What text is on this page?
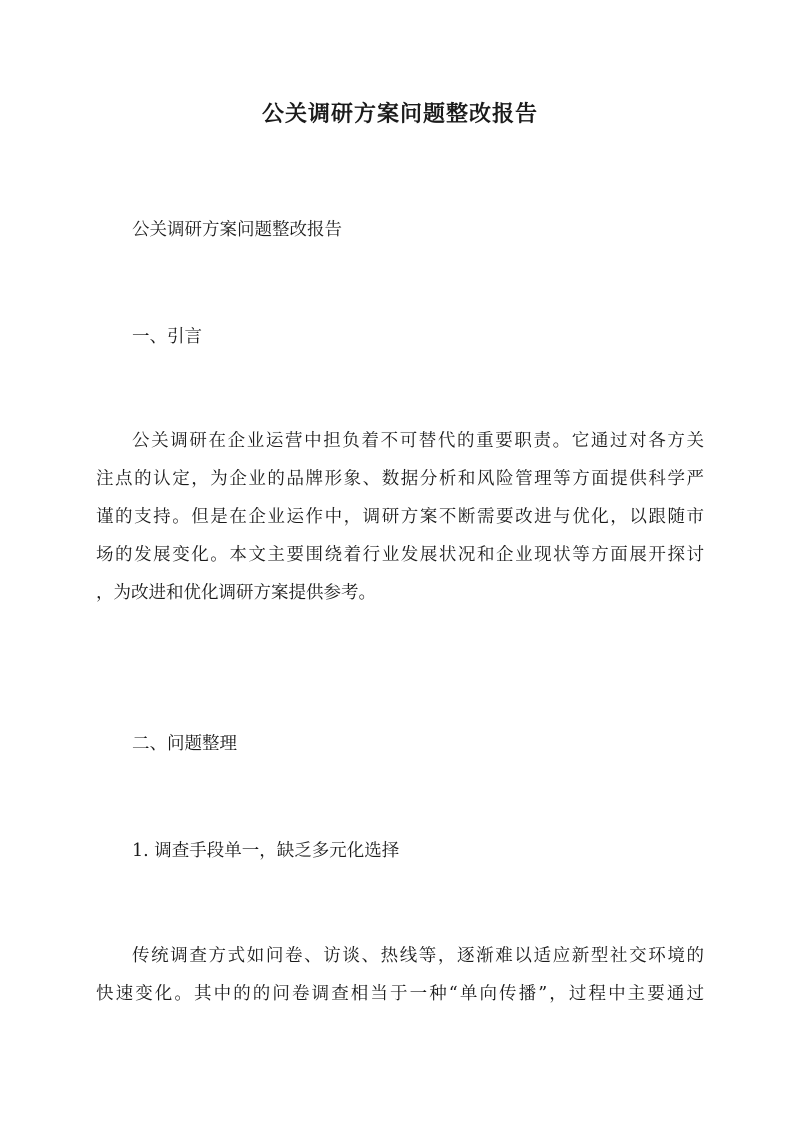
公关调研方案问题整改报告

公关调研方案问题整改报告

一、引言

公关调研在企业运营中担负着不可替代的重要职责。它通过对各方关
注点的认定，为企业的品牌形象、数据分析和风险管理等方面提供科学严
谨的支持。但是在企业运作中，调研方案不断需要改进与优化，以跟随市
场的发展变化。本文主要围绕着行业发展状况和企业现状等方面展开探讨
，为改进和优化调研方案提供参考。

二、问题整理

1. 调查手段单一，缺乏多元化选择

传统调查方式如问卷、访谈、热线等，逐渐难以适应新型社交环境的
快速变化。其中的的问卷调查相当于一种“单向传播”，过程中主要通过
